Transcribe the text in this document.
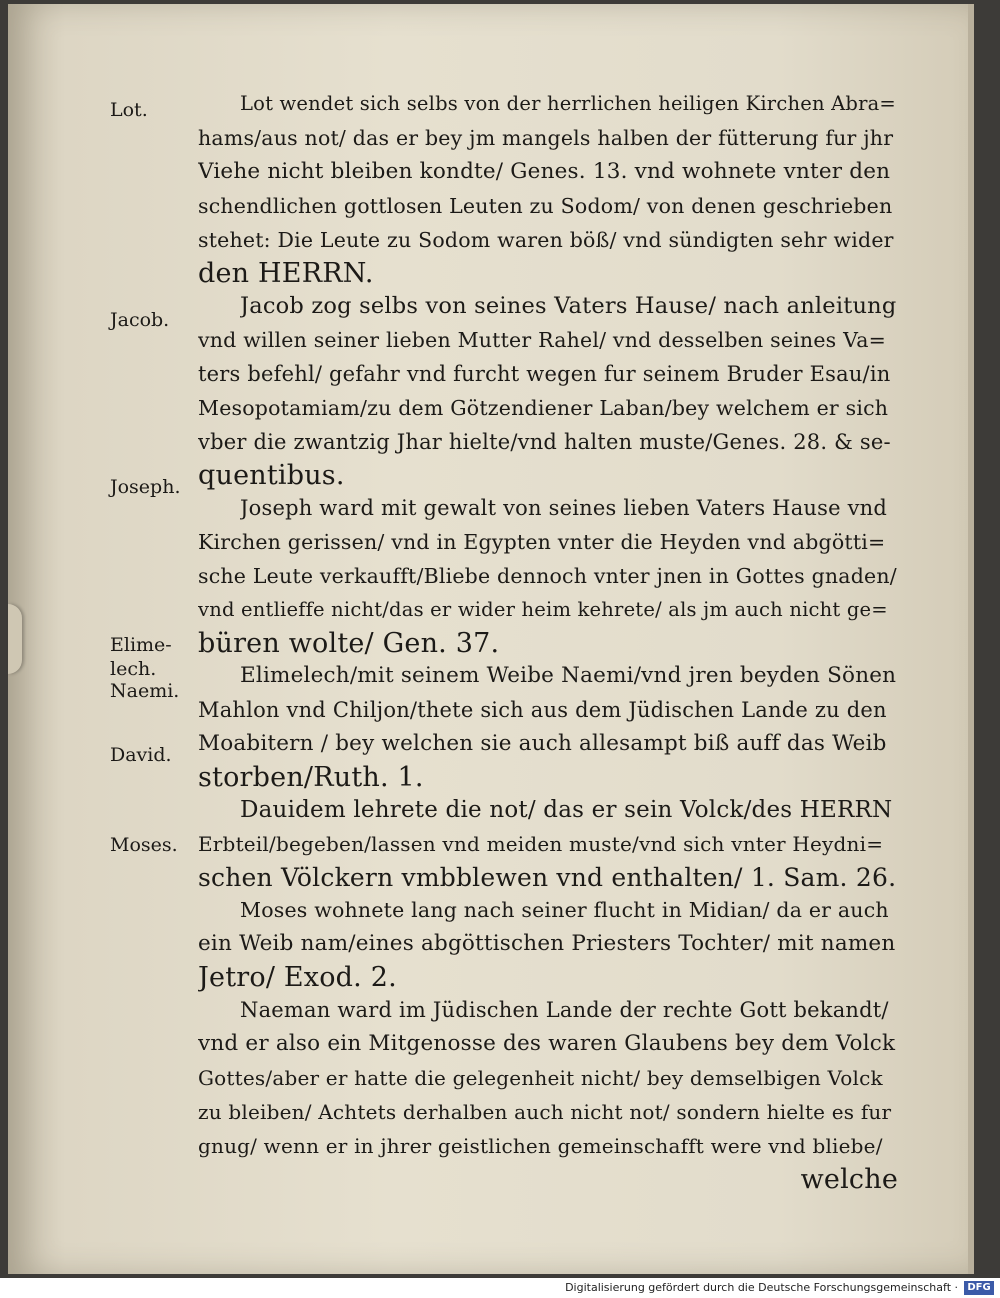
Lot.
Jacob.
Joseph.
Elime-
lech.
Naemi.
David.
Moses.
Lot wendet sich selbs von der herrlichen heiligen Kirchen Abra=
hams/aus not/ das er bey jm mangels halben der fütterung fur jhr
Viehe nicht bleiben kondte/ Genes. 13. vnd wohnete vnter den
schendlichen gottlosen Leuten zu Sodom/ von denen geschrieben
stehet: Die Leute zu Sodom waren böß/ vnd sündigten sehr wider
den HERRN.
Jacob zog selbs von seines Vaters Hause/ nach anleitung
vnd willen seiner lieben Mutter Rahel/ vnd desselben seines Va=
ters befehl/ gefahr vnd furcht wegen fur seinem Bruder Esau/in
Mesopotamiam/zu dem Götzendiener Laban/bey welchem er sich
vber die zwantzig Jhar hielte/vnd halten muste/Genes. 28. & se-
quentibus.
Joseph ward mit gewalt von seines lieben Vaters Hause vnd
Kirchen gerissen/ vnd in Egypten vnter die Heyden vnd abgötti=
sche Leute verkaufft/Bliebe dennoch vnter jnen in Gottes gnaden/
vnd entlieffe nicht/das er wider heim kehrete/ als jm auch nicht ge=
büren wolte/ Gen. 37.
Elimelech/mit seinem Weibe Naemi/vnd jren beyden Sönen
Mahlon vnd Chiljon/thete sich aus dem Jüdischen Lande zu den
Moabitern / bey welchen sie auch allesampt biß auff das Weib
storben/Ruth. 1.
Dauidem lehrete die not/ das er sein Volck/des HERRN
Erbteil/begeben/lassen vnd meiden muste/vnd sich vnter Heydni=
schen Völckern vmbblewen vnd enthalten/ 1. Sam. 26.
Moses wohnete lang nach seiner flucht in Midian/ da er auch
ein Weib nam/eines abgöttischen Priesters Tochter/ mit namen
Jetro/ Exod. 2.
Naeman ward im Jüdischen Lande der rechte Gott bekandt/
vnd er also ein Mitgenosse des waren Glaubens bey dem Volck
Gottes/aber er hatte die gelegenheit nicht/ bey demselbigen Volck
zu bleiben/ Achtets derhalben auch nicht not/ sondern hielte es fur
gnug/ wenn er in jhrer geistlichen gemeinschafft were vnd bliebe/
welche
Digitalisierung gefördert durch die Deutsche Forschungsgemeinschaft · DFG
